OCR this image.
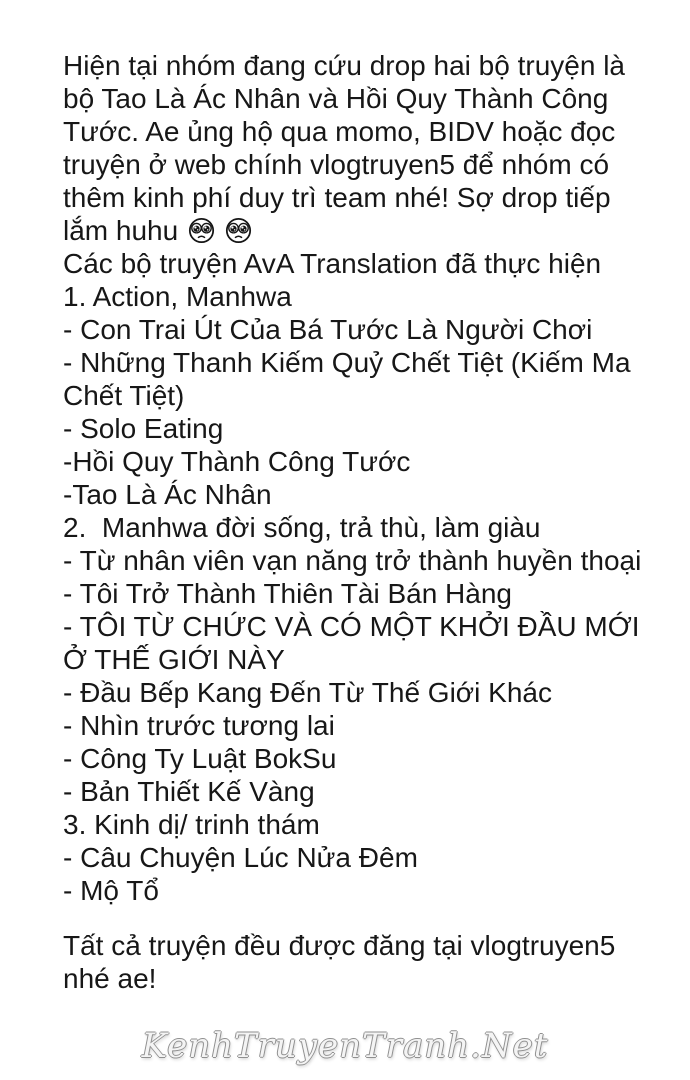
Hiện tại nhóm đang cứu drop hai bộ truyện là

bộ Tao Là Ác Nhân và Hồi Quy Thành Công

Tước. Ae ủng hộ qua momo, BIDV hoặc đọc

truyện ở web chính vlogtruyen5 để nhóm có

thêm kinh phí duy trì team nhé! Sợ drop tiếp

lắm huhu

Các bộ truyện AvA Translation đã thực hiện

1. Action, Manhwa

- Con Trai Út Của Bá Tước Là Người Chơi

- Những Thanh Kiếm Quỷ Chết Tiệt (Kiếm Ma

Chết Tiệt)

- Solo Eating

-Hồi Quy Thành Công Tước

-Tao Là Ác Nhân

2.  Manhwa đời sống, trả thù, làm giàu

- Từ nhân viên vạn năng trở thành huyền thoại

- Tôi Trở Thành Thiên Tài Bán Hàng

- TÔI TỪ CHỨC VÀ CÓ MỘT KHỞI ĐẦU MỚI

Ở THẾ GIỚI NÀY

- Đầu Bếp Kang Đến Từ Thế Giới Khác

- Nhìn trước tương lai

- Công Ty Luật BokSu

- Bản Thiết Kế Vàng

3. Kinh dị/ trinh thám

- Câu Chuyện Lúc Nửa Đêm

- Mộ Tổ

Tất cả truyện đều được đăng tại vlogtruyen5

nhé ae!

KenhTruyenTranh.Net
